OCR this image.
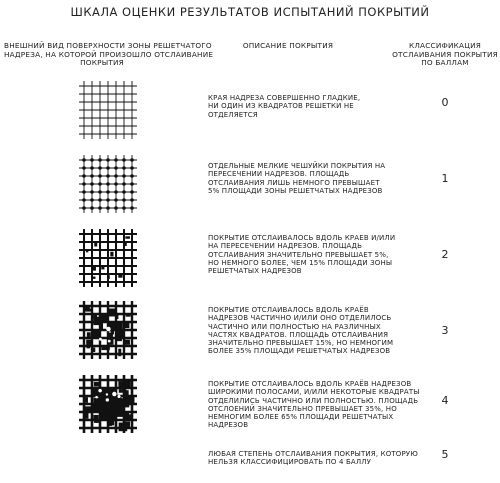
ШКАЛА ОЦЕНКИ РЕЗУЛЬТАТОВ ИСПЫТАНИЙ ПОКРЫТИЙ
ВНЕШНИЙ ВИД ПОВЕРХНОСТИ ЗОНЫ РЕШЕТЧАТОГО
НАДРЕЗА, НА КОТОРОЙ ПРОИЗОШЛО ОТСЛАИВАНИЕ
ПОКРЫТИЯ
ОПИСАНИЕ ПОКРЫТИЯ	КЛАССИФИКАЦИЯ
ОТСЛАИВАНИЯ ПОКРЫТИЯ
ПО БАЛЛАМ
КРАЯ НАДРЕЗА СОВЕРШЕННО ГЛАДКИЕ,
НИ ОДИН ИЗ КВАДРАТОВ РЕШЕТКИ НЕ
ОТДЕЛЯЕТСЯ
0
ОТДЕЛЬНЫЕ МЕЛКИЕ ЧЕШУЙКИ ПОКРЫТИЯ НА
ПЕРЕСЕЧЕНИИ НАДРЕЗОВ. ПЛОЩАДЬ
ОТСЛАИВАНИЯ ЛИШЬ НЕМНОГО ПРЕВЫШАЕТ
5% ПЛОЩАДИ ЗОНЫ РЕШЕТЧАТЫХ НАДРЕЗОВ
1
ПОКРЫТИЕ ОТСЛАИВАЛОСЬ ВДОЛЬ КРАЕВ И/ИЛИ
НА ПЕРЕСЕЧЕНИИ НАДРЕЗОВ. ПЛОЩАДЬ
ОТСЛАИВАНИЯ ЗНАЧИТЕЛЬНО ПРЕВЫШАЕТ 5%,
НО НЕМНОГО БОЛЕЕ, ЧЕМ 15% ПЛОЩАДИ ЗОНЫ
РЕШЕТЧАТЫХ НАДРЕЗОВ
2
ПОКРЫТИЕ ОТСЛАИВАЛОСЬ ВДОЛЬ КРАЁВ
НАДРЕЗОВ ЧАСТИЧНО И/ИЛИ ОНО ОТДЕЛИЛОСЬ
ЧАСТИЧНО ИЛИ ПОЛНОСТЬЮ НА РАЗЛИЧНЫХ
ЧАСТЯХ КВАДРАТОВ. ПЛОЩАДЬ ОТСЛАИВАНИЯ
ЗНАЧИТЕЛЬНО ПРЕВЫШАЕТ 15%, НО НЕМНОГИМ
БОЛЕЕ 35% ПЛОЩАДИ РЕШЕТЧАТЫХ НАДРЕЗОВ
3
ПОКРЫТИЕ ОТСЛАИВАЛОСЬ ВДОЛЬ КРАЁВ НАДРЕЗОВ
ШИРОКИМИ ПОЛОСАМИ, И/ИЛИ НЕКОТОРЫЕ КВАДРАТЫ
ОТДЕЛИЛИСЬ ЧАСТИЧНО ИЛИ ПОЛНОСТЬЮ. ПЛОЩАДЬ
ОТСЛОЕНИЙ ЗНАЧИТЕЛЬНО ПРЕВЫШАЕТ 35%, НО
НЕМНОГИМ БОЛЕЕ 65% ПЛОЩАДИ РЕШЕТЧАТЫХ
НАДРЕЗОВ
4
ЛЮБАЯ СТЕПЕНЬ ОТСЛАИВАНИЯ ПОКРЫТИЯ, КОТОРУЮ
НЕЛЬЗЯ КЛАССИФИЦИРОВАТЬ ПО 4 БАЛЛУ
5
